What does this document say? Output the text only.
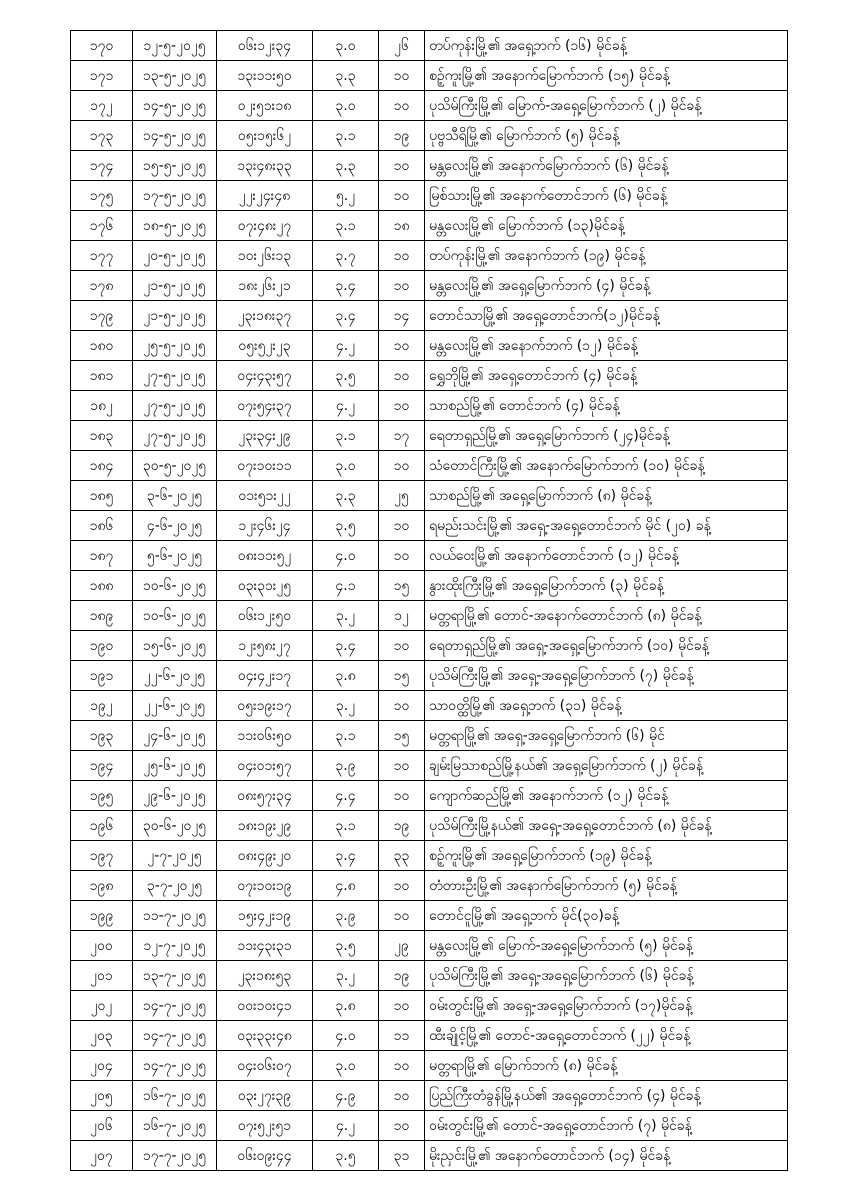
၁၇၀	၁၂-၅-၂၀၂၅	၀၆း၁၂း၃၄	၃.၀	၂၆	တပ်ကုန်းမြို့၏ အရှေ့ဘက် (၁၆) မိုင်ခန့်
၁၇၁	၁၃-၅-၂၀၂၅	၁၃း၁၁း၅၀	၃.၃	၁၀	စဥ့်ကူးမြို့၏ အနောက်မြောက်ဘက် (၁၅) မိုင်ခန့်
၁၇၂	၁၄-၅-၂၀၂၅	၀၂း၅၁း၁၈	၃.၀	၁၀	ပုသိမ်ကြီးမြို့၏ မြောက်-အရှေ့မြောက်ဘက် (၂) မိုင်ခန့်
၁၇၃	၁၄-၅-၂၀၂၅	၀၅း၁၅း၆၂	၃.၁	၁၉	ပုဗ္ဗသီရိမြို့၏ မြောက်ဘက် (၅) မိုင်ခန့်
၁၇၄	၁၅-၅-၂၀၂၅	၁၃း၄၈း၃၃	၃.၃	၁၀	မန္တလေးမြို့၏ အနောက်မြောက်ဘက် (၆) မိုင်ခန့်
၁၇၅	၁၇-၅-၂၀၂၅	၂၂း၂၄း၄၈	၅.၂	၁၀	မြစ်သားမြို့၏ အနောက်တောင်ဘက် (၆) မိုင်ခန့်
၁၇၆	၁၈-၅-၂၀၂၅	၀၇း၄၈း၂၇	၃.၁	၁၈	မန္တလေးမြို့၏ မြောက်ဘက် (၁၃)မိုင်ခန့်
၁၇၇	၂၀-၅-၂၀၂၅	၁၀း၂၆း၁၃	၃.၇	၁၀	တပ်ကုန်းမြို့၏ အနောက်ဘက် (၁၉) မိုင်ခန့်
၁၇၈	၂၁-၅-၂၀၂၅	၁၈း၂၆း၂၁	၃.၄	၁၀	မန္တလေးမြို့၏ အရှေ့မြောက်ဘက် (၄) မိုင်ခန့်
၁၇၉	၂၁-၅-၂၀၂၅	၂၃း၁၈း၃၇	၃.၄	၁၄	တောင်သာမြို့၏ အရှေ့တောင်ဘက်(၁၂)မိုင်ခန့်
၁၈၀	၂၅-၅-၂၀၂၅	၀၅း၅၂း၂၃	၄.၂	၁၀	မန္တလေးမြို့၏ အနောက်ဘက် (၁၂) မိုင်ခန့်
၁၈၁	၂၇-၅-၂၀၂၅	၀၄း၄၃း၅၇	၃.၅	၁၀	ရွှေဘိုမြို့၏ အရှေ့တောင်ဘက် (၄) မိုင်ခန့်
၁၈၂	၂၇-၅-၂၀၂၅	၀၇း၅၄း၃၇	၄.၂	၁၀	သာစည်မြို့၏ တောင်ဘက် (၄) မိုင်ခန့်
၁၈၃	၂၇-၅-၂၀၂၅	၂၃း၃၄း၂၉	၃.၁	၁၇	ရေတာရှည်မြို့၏ အရှေ့မြောက်ဘက် (၂၄)မိုင်ခန့်
၁၈၄	၃၀-၅-၂၀၂၅	၀၇း၁၀း၁၁	၃.၀	၁၀	သံတောင်ကြီးမြို့၏ အနောက်မြောက်ဘက် (၁၀) မိုင်ခန့်
၁၈၅	၃-၆-၂၀၂၅	၀၁း၅၁း၂၂	၃.၃	၂၅	သာစည်မြို့၏ အရှေ့မြောက်ဘက် (၈) မိုင်ခန့်
၁၈၆	၄-၆-၂၀၂၅	၁၂း၄၆း၂၄	၃.၅	၁၀	ရမည်းသင်းမြို့၏ အရှေ့-အရှေ့တောင်ဘက် မိုင် (၂၀) ခန့်
၁၈၇	၅-၆-၂၀၂၅	၀၈း၁၁း၅၂	၄.၀	၁၀	လယ်ဝေးမြို့၏ အနောက်တောင်ဘက် (၁၂) မိုင်ခန့်
၁၈၈	၁၀-၆-၂၀၂၅	၀၃း၃၁း၂၅	၄.၁	၁၅	နွားထိုးကြီးမြို့၏ အရှေ့မြောက်ဘက် (၃) မိုင်ခန့်
၁၈၉	၁၀-၆-၂၀၂၅	၀၆း၁၂း၅၀	၃.၂	၁၂	မတ္တရာမြို့၏ တောင်-အနောက်တောင်ဘက် (၈) မိုင်ခန့်
၁၉၀	၁၅-၆-၂၀၂၅	၁၂း၅၈း၂၇	၃.၄	၁၀	ရေတာရှည်မြို့၏ အရှေ့-အရှေ့မြောက်ဘက် (၁၀) မိုင်ခန့်
၁၉၁	၂၂-၆-၂၀၂၅	၀၄း၄၂း၁၇	၃.၈	၁၅	ပုသိမ်ကြီးမြို့၏ အရှေ့-အရှေ့မြောက်ဘက် (၇) မိုင်ခန့်
၁၉၂	၂၂-၆-၂၀၂၅	၀၅း၁၉း၁၇	၃.၂	၁၀	သာဝတ္ထိမြို့၏ အရှေ့ဘက် (၃၁) မိုင်ခန့်
၁၉၃	၂၄-၆-၂၀၂၅	၁၁း၀၆း၅၀	၃.၁	၁၅	မတ္တရာမြို့၏ အရှေ့-အရှေ့မြောက်ဘက် (၆) မိုင်
၁၉၄	၂၅-၆-၂၀၂၅	၀၄း၀၁း၅၇	၃.၉	၁၀	ချမ်းမြသာစည်မြို့နယ်၏ အရှေ့မြောက်ဘက် (၂) မိုင်ခန့်
၁၉၅	၂၉-၆-၂၀၂၅	၀၈း၅၇း၃၄	၄.၄	၁၀	ကျောက်ဆည်မြို့၏ အနောက်ဘက် (၁၂) မိုင်ခန့်
၁၉၆	၃၀-၆-၂၀၂၅	၁၈း၁၉း၂၉	၃.၁	၁၉	ပုသိမ်ကြီးမြို့နယ်၏ အရှေ့-အရှေ့တောင်ဘက် (၈) မိုင်ခန့်
၁၉၇	၂-၇-၂၀၂၅	၀၈း၄၉း၂၀	၃.၄	၃၃	စဥ့်ကူးမြို့၏ အရှေ့မြောက်ဘက် (၁၉) မိုင်ခန့်
၁၉၈	၃-၇-၂၀၂၅	၀၇း၁၀း၁၉	၄.၈	၁၀	တံတားဦးမြို့၏ အနောက်မြောက်ဘက် (၅) မိုင်ခန့်
၁၉၉	၁၁-၇-၂၀၂၅	၁၅း၄၂း၁၉	၃.၉	၁၀	တောင်ငူမြို့၏ အရှေ့ဘက် မိုင်(၃၀)ခန့်
၂၀၀	၁၂-၇-၂၀၂၅	၁၁း၄၃း၃၁	၃.၅	၂၉	မန္တလေးမြို့၏ မြောက်-အရှေ့မြောက်ဘက် (၅) မိုင်ခန့်
၂၀၁	၁၃-၇-၂၀၂၅	၂၃း၁၈း၅၃	၃.၂	၁၉	ပုသိမ်ကြီးမြို့၏ အရှေ့-အရှေ့မြောက်ဘက် (၆) မိုင်ခန့်
၂၀၂	၁၄-၇-၂၀၂၅	၀၀း၁၀း၄၁	၃.၈	၁၀	ဝမ်းတွင်းမြို့၏ အရှေ့-အရှေ့မြောက်ဘက် (၁၇)မိုင်ခန့်
၂၀၃	၁၄-၇-၂၀၂၅	၀၃း၃၃း၄၈	၄.၀	၁၁	ထီးချိုင့်မြို့၏ တောင်-အရှေ့တောင်ဘက် (၂၂) မိုင်ခန့်
၂၀၄	၁၄-၇-၂၀၂၅	၀၄း၀၆း၀၇	၃.၀	၁၀	မတ္တရာမြို့၏ မြောက်ဘက် (၈) မိုင်ခန့်
၂၀၅	၁၆-၇-၂၀၂၅	၀၃း၂၇း၃၉	၄.၉	၁၀	ပြည်ကြီးတံခွန်မြို့နယ်၏ အရှေ့တောင်ဘက် (၄) မိုင်ခန့်
၂၀၆	၁၆-၇-၂၀၂၅	၀၇း၅၂း၅၁	၄.၂	၁၀	ဝမ်းတွင်းမြို့၏ တောင်-အရှေ့တောင်ဘက် (၇) မိုင်ခန့်
၂၀၇	၁၇-၇-၂၀၂၅	၀၆း၀၉း၄၄	၃.၅	၃၁	မိုးညှင်းမြို့၏ အနောက်တောင်ဘက် (၁၄) မိုင်ခန့်
